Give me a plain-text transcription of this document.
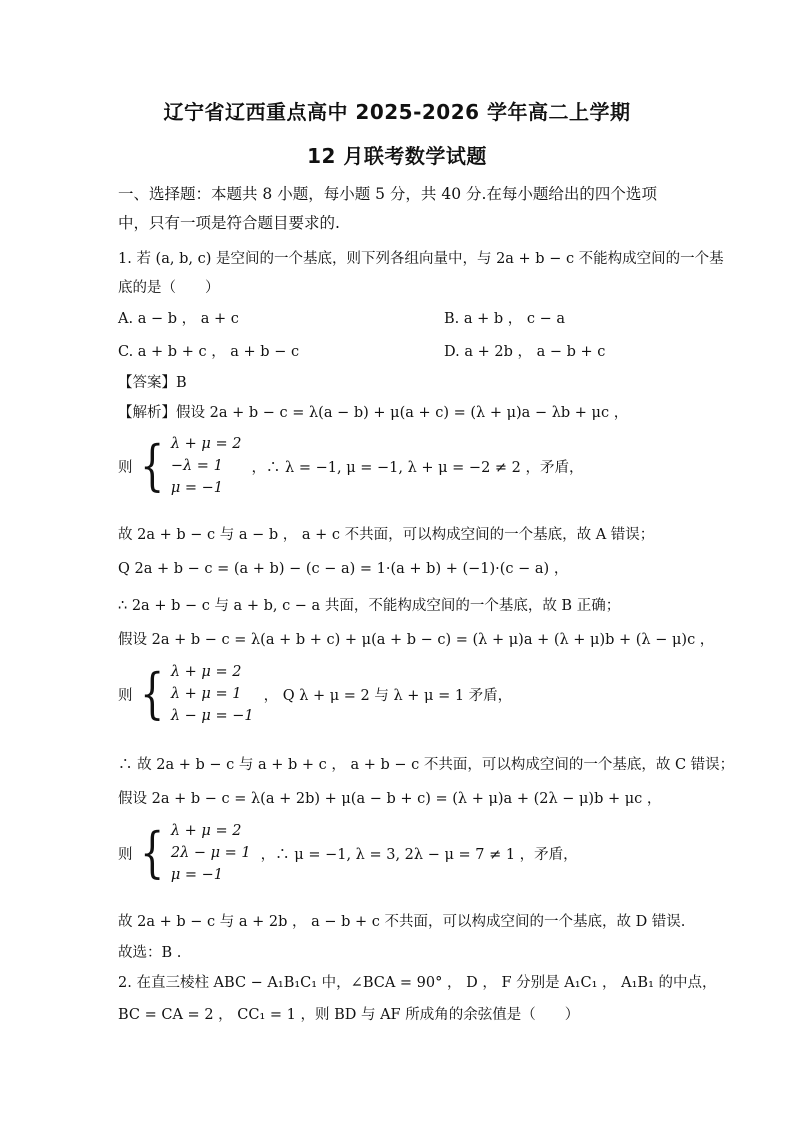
辽宁省辽西重点高中 2025-2026 学年高二上学期
12 月联考数学试题
一、选择题：本题共 8 小题，每小题 5 分，共 40 分.在每小题给出的四个选项
中，只有一项是符合题目要求的.
1. 若 (a, b, c) 是空间的一个基底，则下列各组向量中，与 2a + b − c 不能构成空间的一个基
底的是（　　）
A. a − b ， a + c	B. a + b ， c − a
C. a + b + c ， a + b − c	D. a + 2b ， a − b + c
【答案】B
【解析】假设 2a + b − c = λ(a − b) + μ(a + c) = (λ + μ)a − λb + μc ，
则 { λ + μ = 2
−λ = 1
μ = −1
，∴ λ = −1, μ = −1, λ + μ = −2 ≠ 2 ，矛盾，
故 2a + b − c 与 a − b ， a + c 不共面，可以构成空间的一个基底，故 A 错误；
Q 2a + b − c = (a + b) − (c − a) = 1·(a + b) + (−1)·(c − a) ，
∴ 2a + b − c 与 a + b, c − a 共面，不能构成空间的一个基底，故 B 正确；
假设 2a + b − c = λ(a + b + c) + μ(a + b − c) = (λ + μ)a + (λ + μ)b + (λ − μ)c ，
则 { λ + μ = 2
λ + μ = 1
λ − μ = −1
， Q λ + μ = 2 与 λ + μ = 1 矛盾，
∴ 故 2a + b − c 与 a + b + c ， a + b − c 不共面，可以构成空间的一个基底，故 C 错误；
假设 2a + b − c = λ(a + 2b) + μ(a − b + c) = (λ + μ)a + (2λ − μ)b + μc ，
则 { λ + μ = 2
2λ − μ = 1
μ = −1
，∴ μ = −1, λ = 3, 2λ − μ = 7 ≠ 1 ，矛盾，
故 2a + b − c 与 a + 2b ， a − b + c 不共面，可以构成空间的一个基底，故 D 错误.
故选：B .
2. 在直三棱柱 ABC − A₁B₁C₁ 中，∠BCA = 90° ， D ， F 分别是 A₁C₁ ， A₁B₁ 的中点，
BC = CA = 2 ， CC₁ = 1 ，则 BD 与 AF 所成角的余弦值是（　　）
